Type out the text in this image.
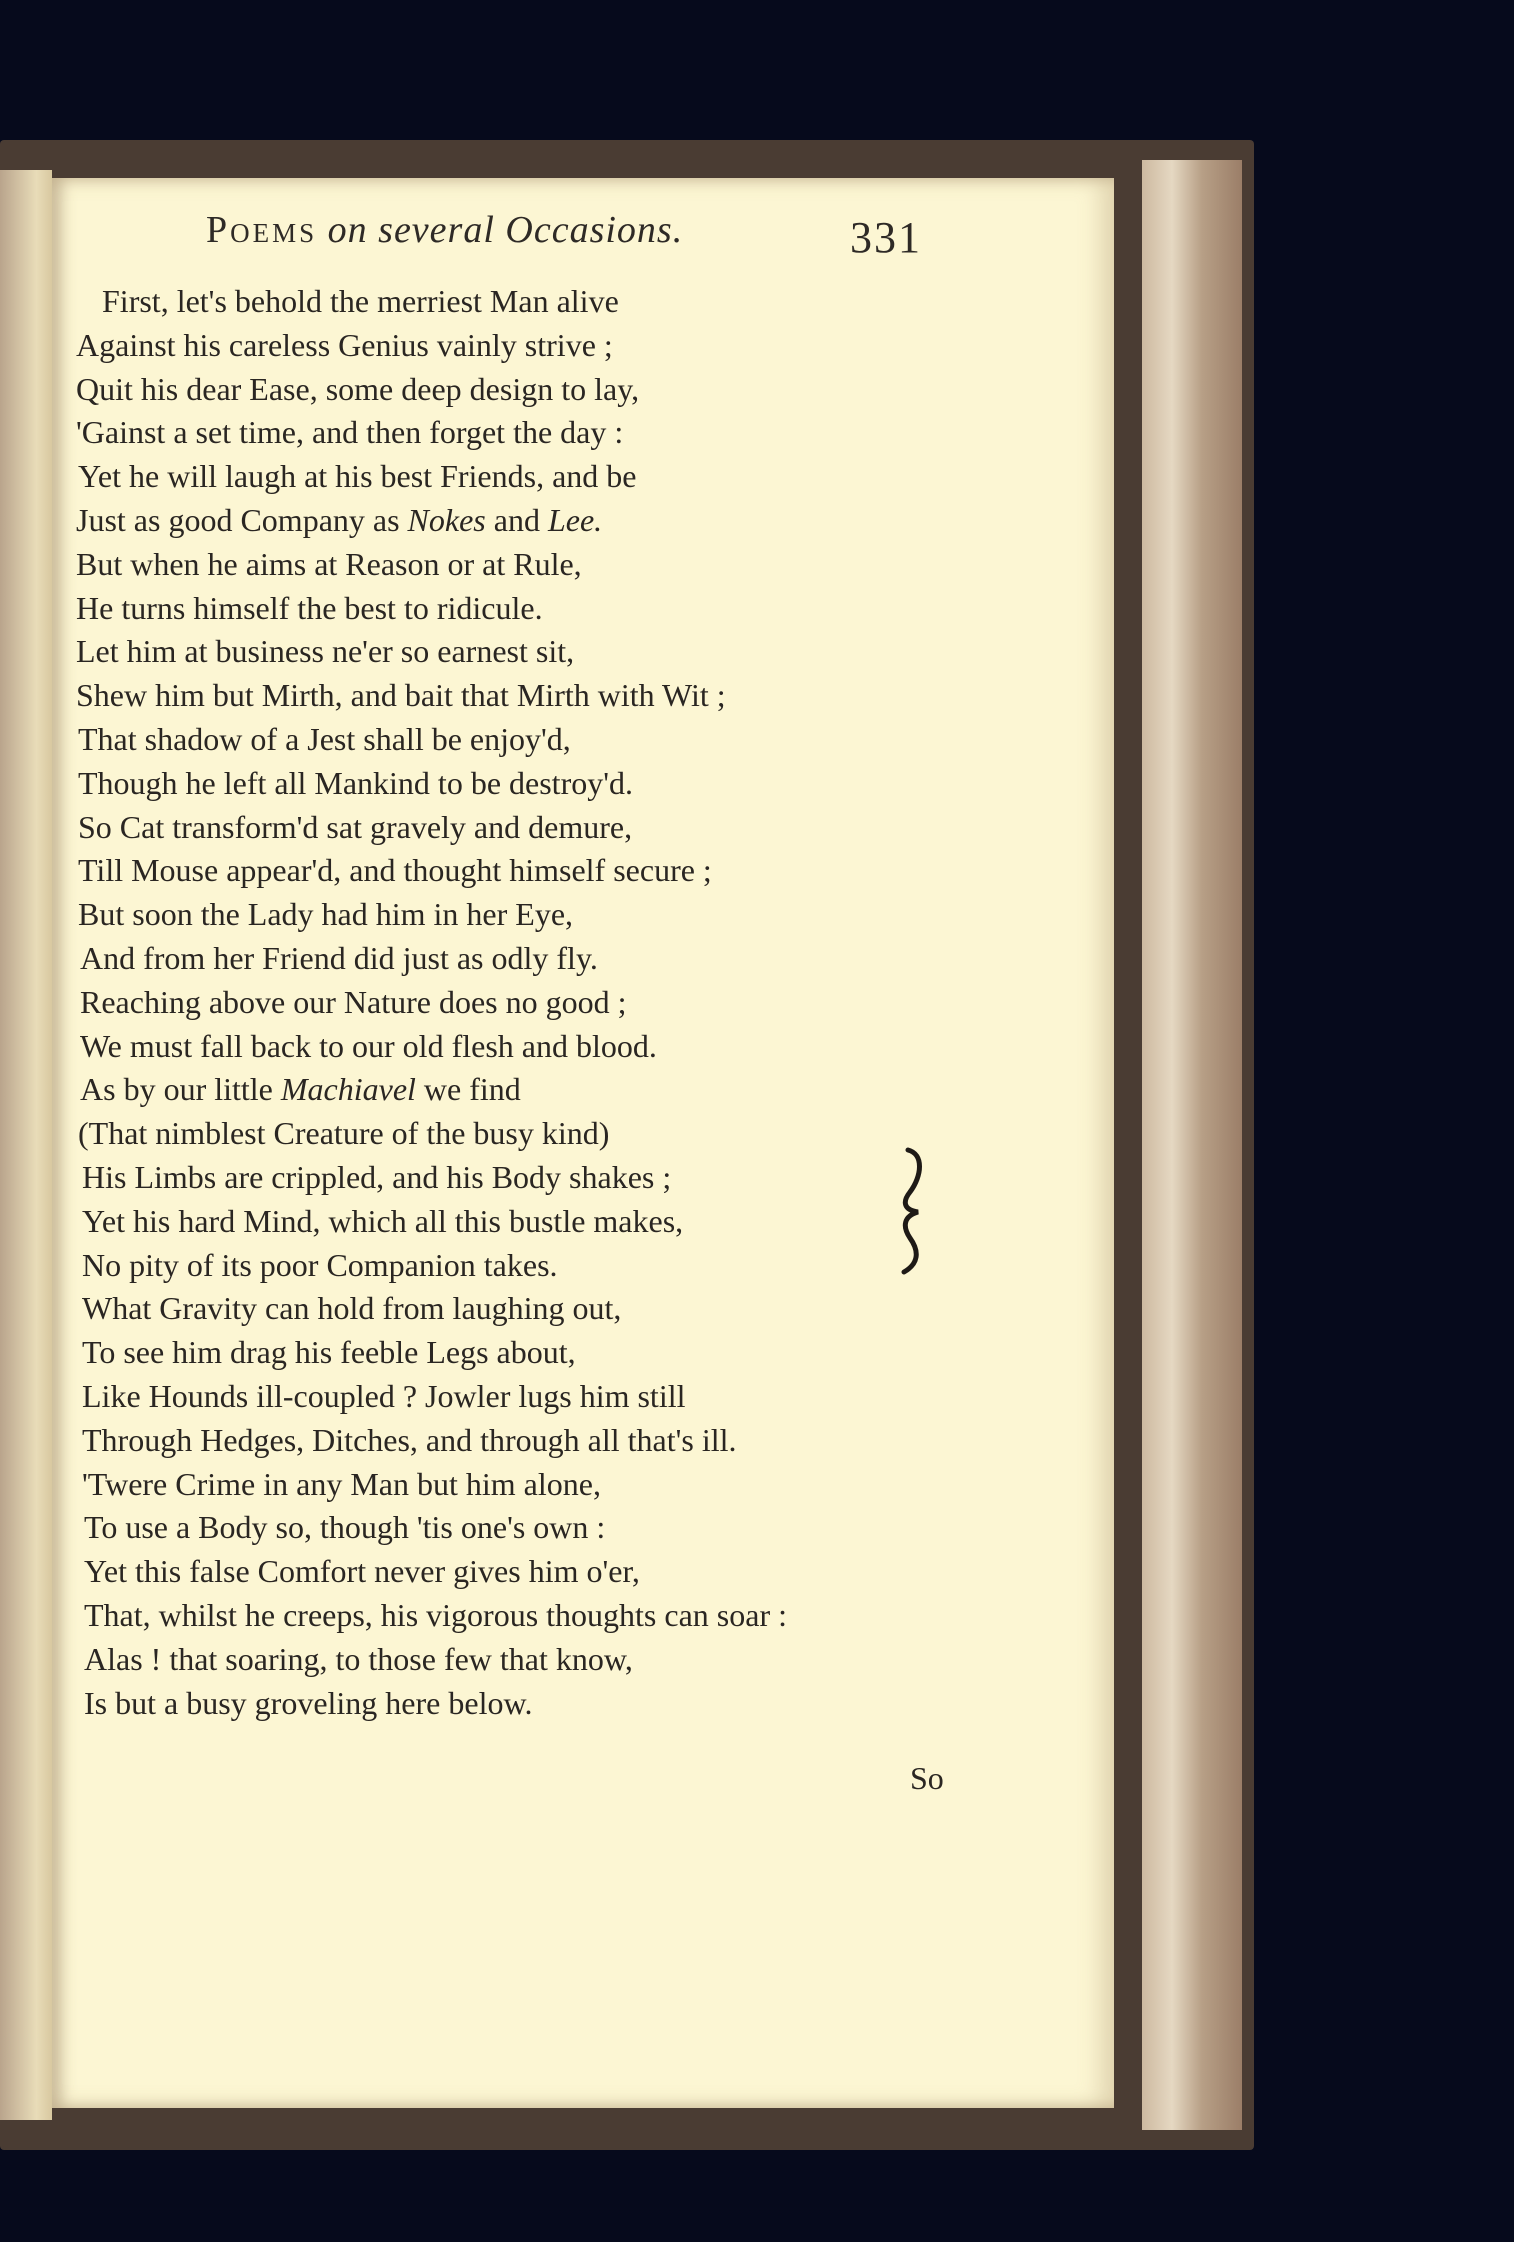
Poems on several Occasions.	331
First, let's behold the merriest Man alive
Against his careless Genius vainly strive ;
Quit his dear Ease, some deep design to lay,
'Gainst a set time, and then forget the day :
Yet he will laugh at his best Friends, and be
Just as good Company as Nokes and Lee.
But when he aims at Reason or at Rule,
He turns himself the best to ridicule.
Let him at business ne'er so earnest sit,
Shew him but Mirth, and bait that Mirth with Wit ;
That shadow of a Jest shall be enjoy'd,
Though he left all Mankind to be destroy'd.
So Cat transform'd sat gravely and demure,
Till Mouse appear'd, and thought himself secure ;
But soon the Lady had him in her Eye,
And from her Friend did just as odly fly.
Reaching above our Nature does no good ;
We must fall back to our old flesh and blood.
As by our little Machiavel we find
(That nimblest Creature of the busy kind)
His Limbs are crippled, and his Body shakes ;
Yet his hard Mind, which all this bustle makes,
No pity of its poor Companion takes.
What Gravity can hold from laughing out,
To see him drag his feeble Legs about,
Like Hounds ill-coupled ? Jowler lugs him still
Through Hedges, Ditches, and through all that's ill.
'Twere Crime in any Man but him alone,
To use a Body so, though 'tis one's own :
Yet this false Comfort never gives him o'er,
That, whilst he creeps, his vigorous thoughts can soar :
Alas ! that soaring, to those few that know,
Is but a busy groveling here below.
So
